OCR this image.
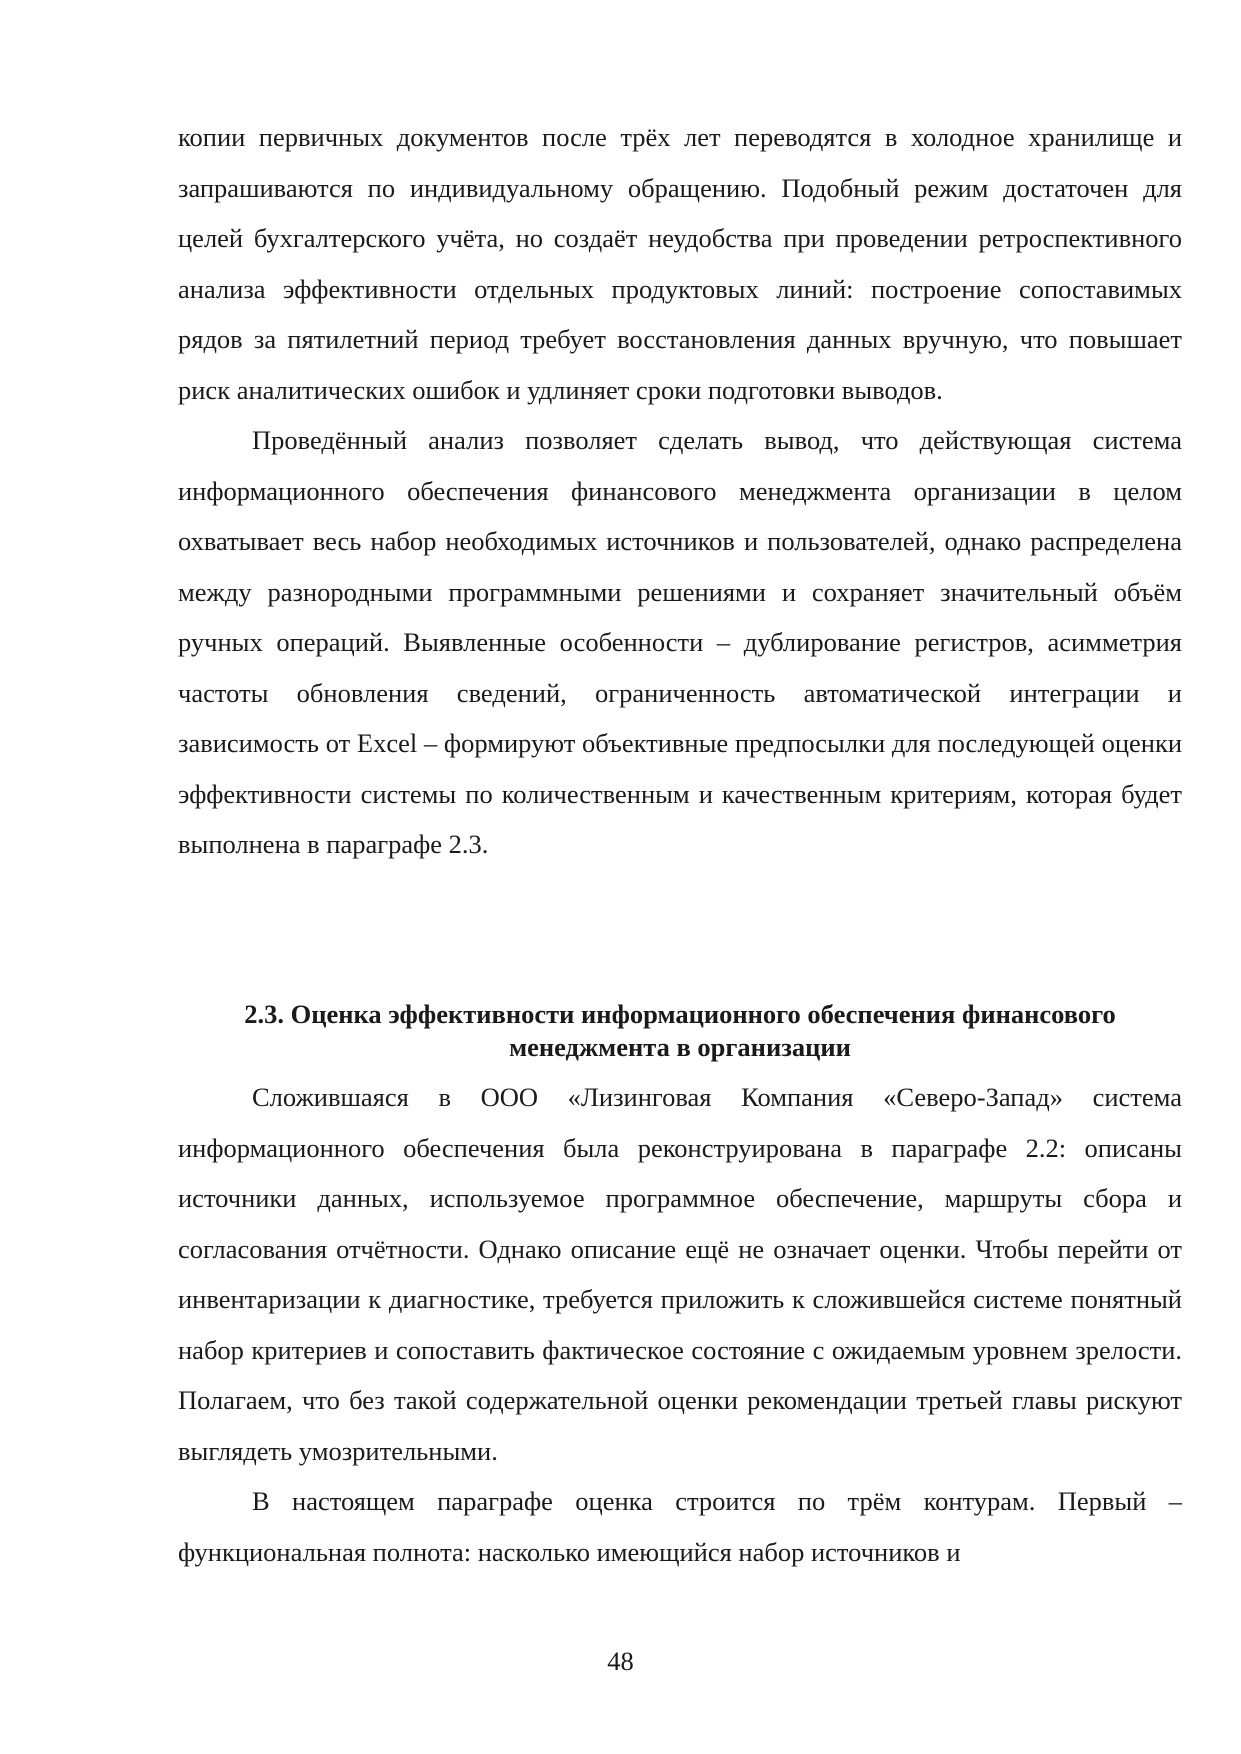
копии первичных документов после трёх лет переводятся в холодное хранилище и запрашиваются по индивидуальному обращению. Подобный режим достаточен для целей бухгалтерского учёта, но создаёт неудобства при проведении ретроспективного анализа эффективности отдельных продуктовых линий: построение сопоставимых рядов за пятилетний период требует восстановления данных вручную, что повышает риск аналитических ошибок и удлиняет сроки подготовки выводов.

Проведённый анализ позволяет сделать вывод, что действующая система информационного обеспечения финансового менеджмента организации в целом охватывает весь набор необходимых источников и пользователей, однако распределена между разнородными программными решениями и сохраняет значительный объём ручных операций. Выявленные особенности – дублирование регистров, асимметрия частоты обновления сведений, ограниченность автоматической интеграции и зависимость от Excel – формируют объективные предпосылки для последующей оценки эффективности системы по количественным и качественным критериям, которая будет выполнена в параграфе 2.3.

2.3. Оценка эффективности информационного обеспечения финансового
менеджмента в организации

Сложившаяся в ООО «Лизинговая Компания «Северо-Запад» система информационного обеспечения была реконструирована в параграфе 2.2: описаны источники данных, используемое программное обеспечение, маршруты сбора и согласования отчётности. Однако описание ещё не означает оценки. Чтобы перейти от инвентаризации к диагностике, требуется приложить к сложившейся системе понятный набор критериев и сопоставить фактическое состояние с ожидаемым уровнем зрелости. Полагаем, что без такой содержательной оценки рекомендации третьей главы рискуют выглядеть умозрительными.

В настоящем параграфе оценка строится по трём контурам. Первый – функциональная полнота: насколько имеющийся набор источников и

48
